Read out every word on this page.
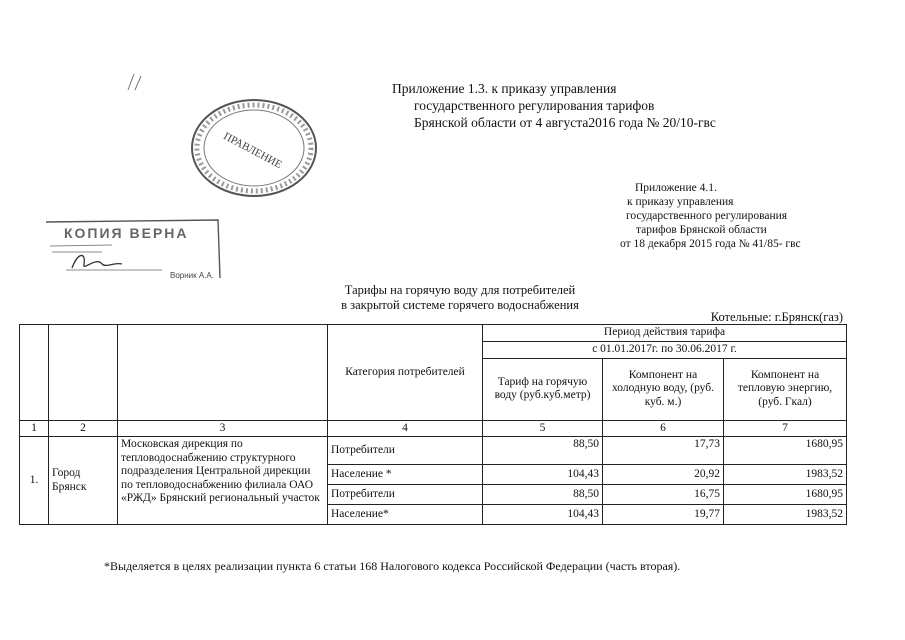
Приложение 1.3. к приказу управления
государственного регулирования тарифов
Брянской области от 4 августа2016 года № 20/10-гвс
ПРАВЛЕНИЕ
КОПИЯ ВЕРНА
Ворник А.А.
Приложение 4.1.
к приказу управления
государственного регулирования
тарифов Брянской области
от 18 декабря 2015 года № 41/85- гвс
Тарифы на горячую воду для потребителей
в закрытой системе горячего водоснабжения
Котельные: г.Брянск(газ)
			Категория потребителей	Период действия тарифа		
				с 01.01.2017г. по 30.06.2017 г.		
				Тариф на горячую воду (руб.куб.метр)	Компонент на холодную воду, (руб. куб. м.)	Компонент на тепловую энергию, (руб. Гкал)
1	2	3	4	5	6	7
1.	Город Брянск	Московская дирекция по тепловодоснабжению структурного подразделения Центральной дирекции по тепловодоснабжению филиала ОАО «РЖД» Брянский региональный участок	Потребители	88,50	17,73	1680,95
			Население *	104,43	20,92	1983,52
			Потребители	88,50	16,75	1680,95
			Население*	104,43	19,77	1983,52
*Выделяется в целях реализации пункта 6 статьи 168 Налогового кодекса Российской Федерации (часть вторая).
